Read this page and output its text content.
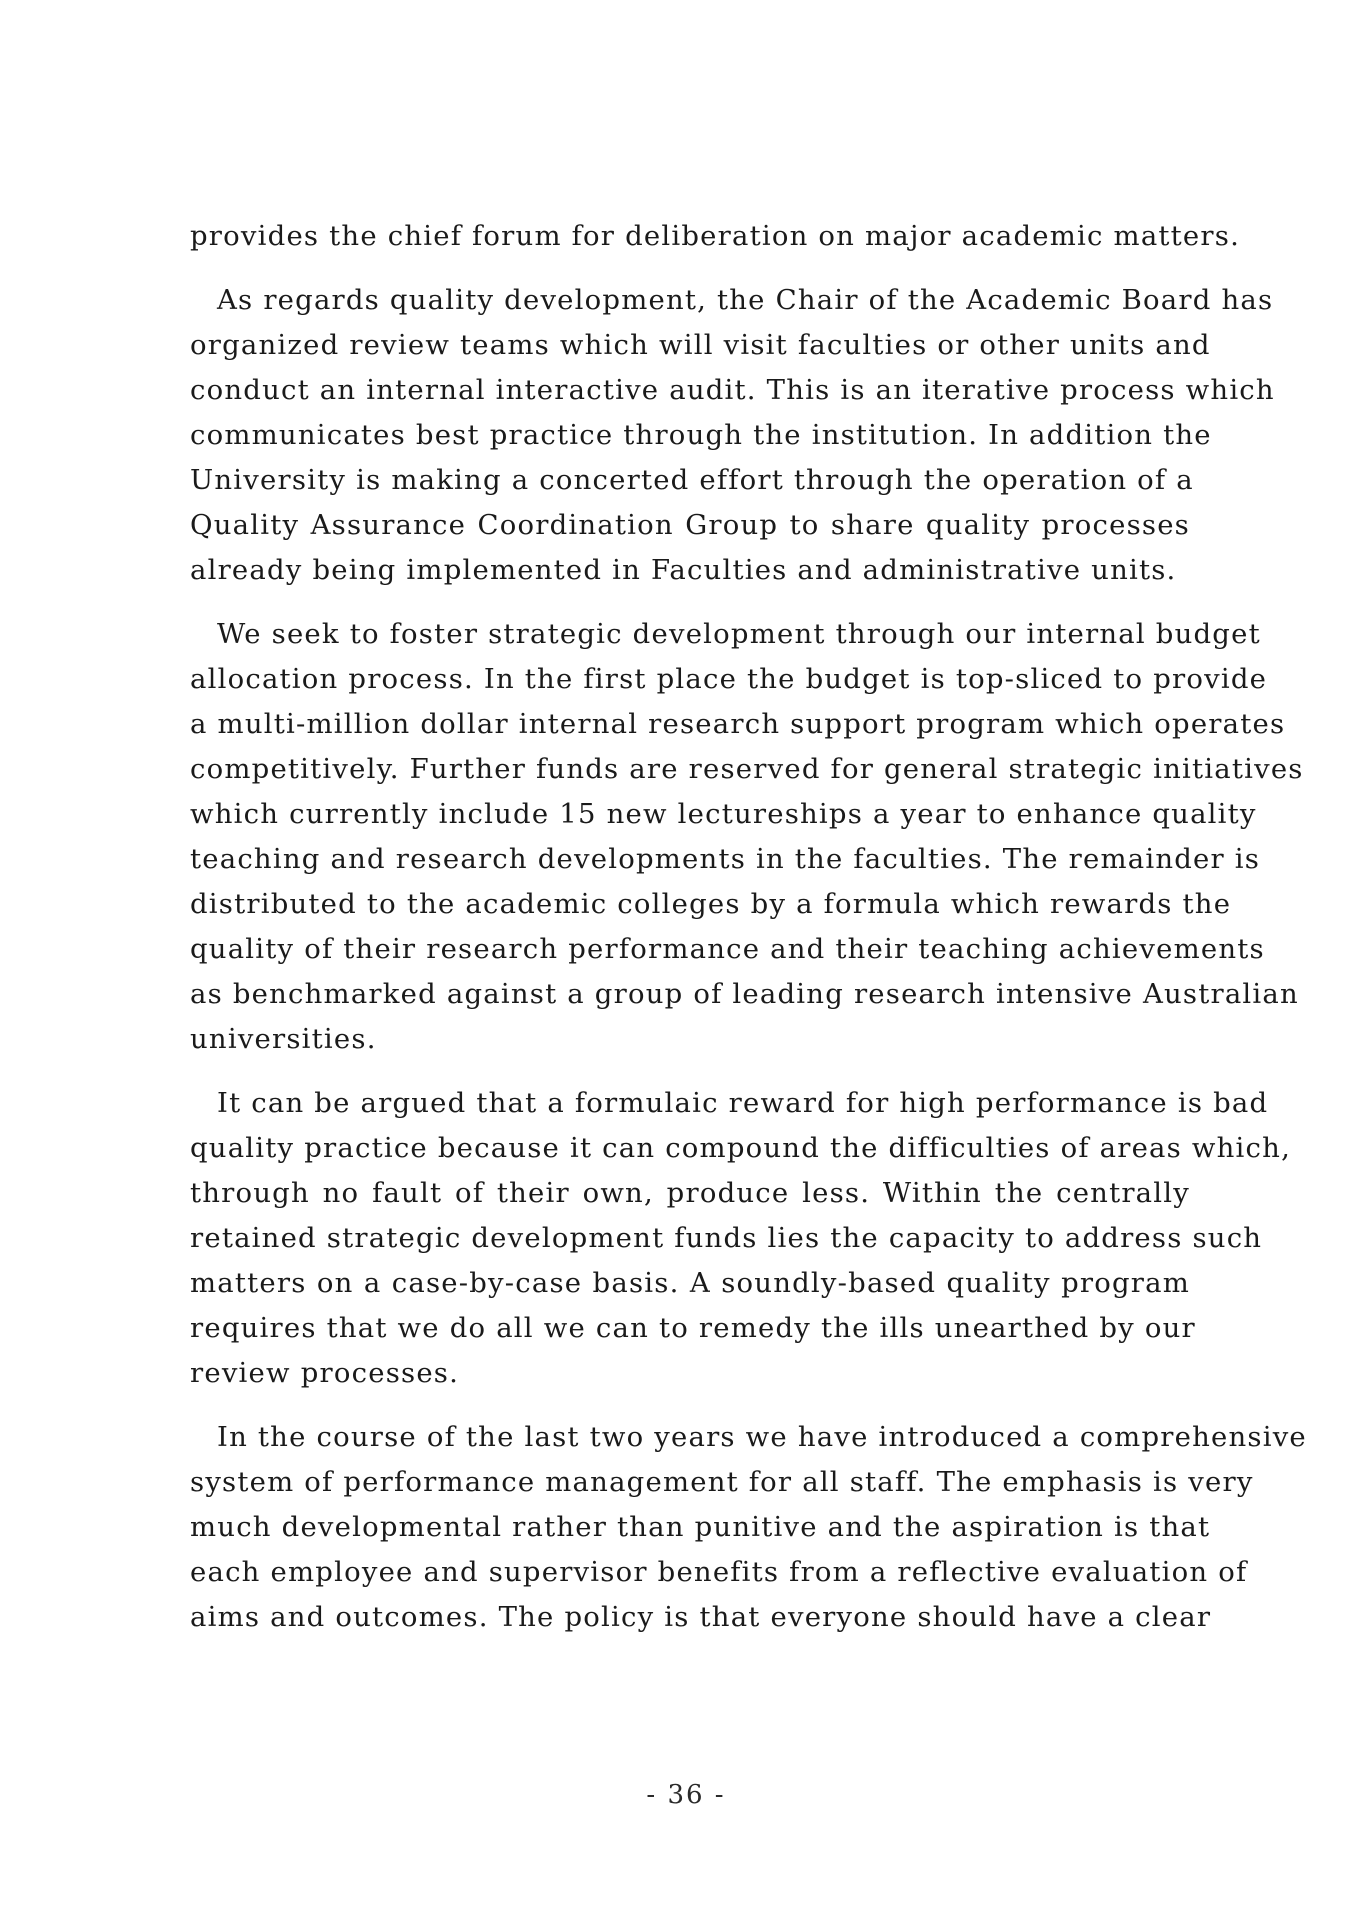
provides the chief forum for deliberation on major academic matters.
As regards quality development, the Chair of the Academic Board has
organized review teams which will visit faculties or other units and
conduct an internal interactive audit. This is an iterative process which
communicates best practice through the institution. In addition the
University is making a concerted effort through the operation of a
Quality Assurance Coordination Group to share quality processes
already being implemented in Faculties and administrative units.
We seek to foster strategic development through our internal budget
allocation process. In the first place the budget is top-sliced to provide
a multi-million dollar internal research support program which operates
competitively. Further funds are reserved for general strategic initiatives
which currently include 15 new lectureships a year to enhance quality
teaching and research developments in the faculties. The remainder is
distributed to the academic colleges by a formula which rewards the
quality of their research performance and their teaching achievements
as benchmarked against a group of leading research intensive Australian
universities.
It can be argued that a formulaic reward for high performance is bad
quality practice because it can compound the difficulties of areas which,
through no fault of their own, produce less. Within the centrally
retained strategic development funds lies the capacity to address such
matters on a case-by-case basis. A soundly-based quality program
requires that we do all we can to remedy the ills unearthed by our
review processes.
In the course of the last two years we have introduced a comprehensive
system of performance management for all staff. The emphasis is very
much developmental rather than punitive and the aspiration is that
each employee and supervisor benefits from a reflective evaluation of
aims and outcomes. The policy is that everyone should have a clear
- 36 -
